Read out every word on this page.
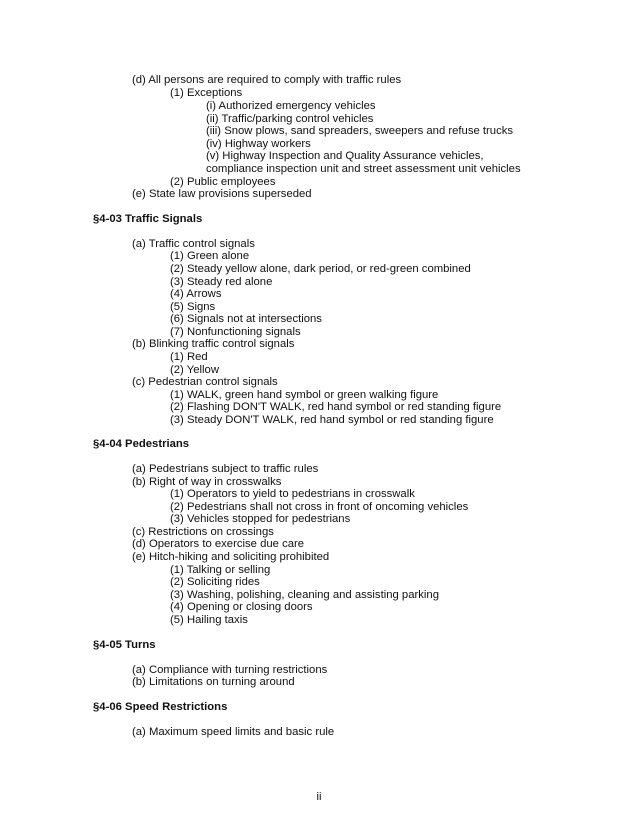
(d) All persons are required to comply with traffic rules
(1) Exceptions
(i) Authorized emergency vehicles
(ii) Traffic/parking control vehicles
(iii) Snow plows, sand spreaders, sweepers and refuse trucks
(iv) Highway workers
(v) Highway Inspection and Quality Assurance vehicles,
compliance inspection unit and street assessment unit vehicles
(2) Public employees
(e) State law provisions superseded
§4-03 Traffic Signals
(a) Traffic control signals
(1) Green alone
(2) Steady yellow alone, dark period, or red-green combined
(3) Steady red alone
(4) Arrows
(5) Signs
(6) Signals not at intersections
(7) Nonfunctioning signals
(b) Blinking traffic control signals
(1) Red
(2) Yellow
(c) Pedestrian control signals
(1) WALK, green hand symbol or green walking figure
(2) Flashing DON'T WALK, red hand symbol or red standing figure
(3) Steady DON'T WALK, red hand symbol or red standing figure
§4-04 Pedestrians
(a) Pedestrians subject to traffic rules
(b) Right of way in crosswalks
(1) Operators to yield to pedestrians in crosswalk
(2) Pedestrians shall not cross in front of oncoming vehicles
(3) Vehicles stopped for pedestrians
(c) Restrictions on crossings
(d) Operators to exercise due care
(e) Hitch-hiking and soliciting prohibited
(1) Talking or selling
(2) Soliciting rides
(3) Washing, polishing, cleaning and assisting parking
(4) Opening or closing doors
(5) Hailing taxis
§4-05 Turns
(a) Compliance with turning restrictions
(b) Limitations on turning around
§4-06 Speed Restrictions
(a) Maximum speed limits and basic rule
ii
